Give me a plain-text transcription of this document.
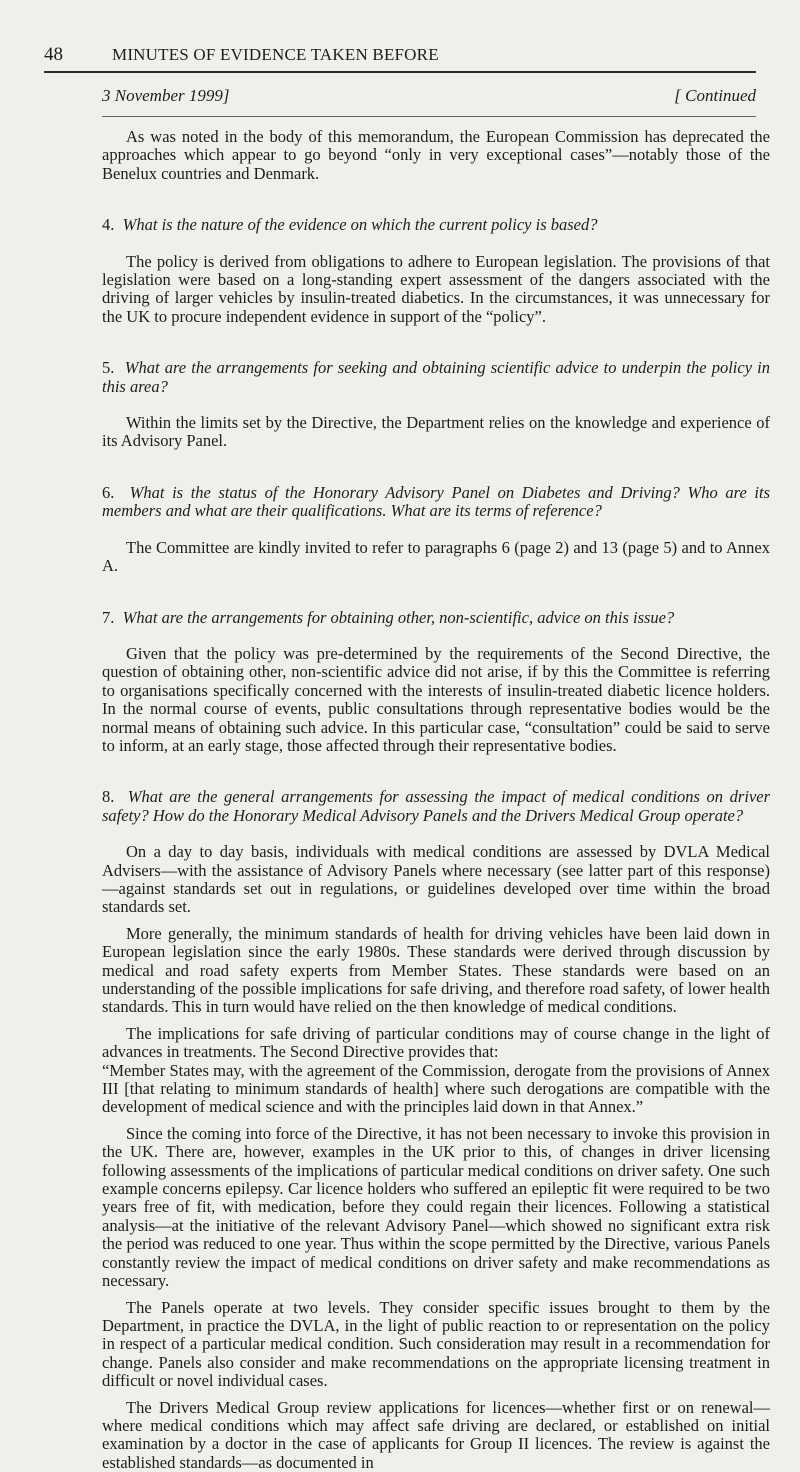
48	MINUTES OF EVIDENCE TAKEN BEFORE
3 November 1999]	[ Continued

As was noted in the body of this memorandum, the European Commission has deprecated the approaches which appear to go beyond “only in very exceptional cases”—notably those of the Benelux countries and Denmark.

4.  What is the nature of the evidence on which the current policy is based?

The policy is derived from obligations to adhere to European legislation. The provisions of that legislation were based on a long-standing expert assessment of the dangers associated with the driving of larger vehicles by insulin-treated diabetics. In the circumstances, it was unnecessary for the UK to procure independent evidence in support of the “policy”.

5.  What are the arrangements for seeking and obtaining scientific advice to underpin the policy in this area?

Within the limits set by the Directive, the Department relies on the knowledge and experience of its Advisory Panel.

6.  What is the status of the Honorary Advisory Panel on Diabetes and Driving? Who are its members and what are their qualifications. What are its terms of reference?

The Committee are kindly invited to refer to paragraphs 6 (page 2) and 13 (page 5) and to Annex A.

7.  What are the arrangements for obtaining other, non-scientific, advice on this issue?

Given that the policy was pre-determined by the requirements of the Second Directive, the question of obtaining other, non-scientific advice did not arise, if by this the Committee is referring to organisations specifically concerned with the interests of insulin-treated diabetic licence holders. In the normal course of events, public consultations through representative bodies would be the normal means of obtaining such advice. In this particular case, “consultation” could be said to serve to inform, at an early stage, those affected through their representative bodies.

8.  What are the general arrangements for assessing the impact of medical conditions on driver safety? How do the Honorary Medical Advisory Panels and the Drivers Medical Group operate?

On a day to day basis, individuals with medical conditions are assessed by DVLA Medical Advisers—with the assistance of Advisory Panels where necessary (see latter part of this response)—against standards set out in regulations, or guidelines developed over time within the broad standards set.

More generally, the minimum standards of health for driving vehicles have been laid down in European legislation since the early 1980s. These standards were derived through discussion by medical and road safety experts from Member States. These standards were based on an understanding of the possible implications for safe driving, and therefore road safety, of lower health standards. This in turn would have relied on the then knowledge of medical conditions.

The implications for safe driving of particular conditions may of course change in the light of advances in treatments. The Second Directive provides that:

“Member States may, with the agreement of the Commission, derogate from the provisions of Annex III [that relating to minimum standards of health] where such derogations are compatible with the development of medical science and with the principles laid down in that Annex.”

Since the coming into force of the Directive, it has not been necessary to invoke this provision in the UK. There are, however, examples in the UK prior to this, of changes in driver licensing following assessments of the implications of particular medical conditions on driver safety. One such example concerns epilepsy. Car licence holders who suffered an epileptic fit were required to be two years free of fit, with medication, before they could regain their licences. Following a statistical analysis—at the initiative of the relevant Advisory Panel—which showed no significant extra risk the period was reduced to one year. Thus within the scope permitted by the Directive, various Panels constantly review the impact of medical conditions on driver safety and make recommendations as necessary.

The Panels operate at two levels. They consider specific issues brought to them by the Department, in practice the DVLA, in the light of public reaction to or representation on the policy in respect of a particular medical condition. Such consideration may result in a recommendation for change. Panels also consider and make recommendations on the appropriate licensing treatment in difficult or novel individual cases.

The Drivers Medical Group review applications for licences—whether first or on renewal—where medical conditions which may affect safe driving are declared, or established on initial examination by a doctor in the case of applicants for Group II licences. The review is against the established standards—as documented in
